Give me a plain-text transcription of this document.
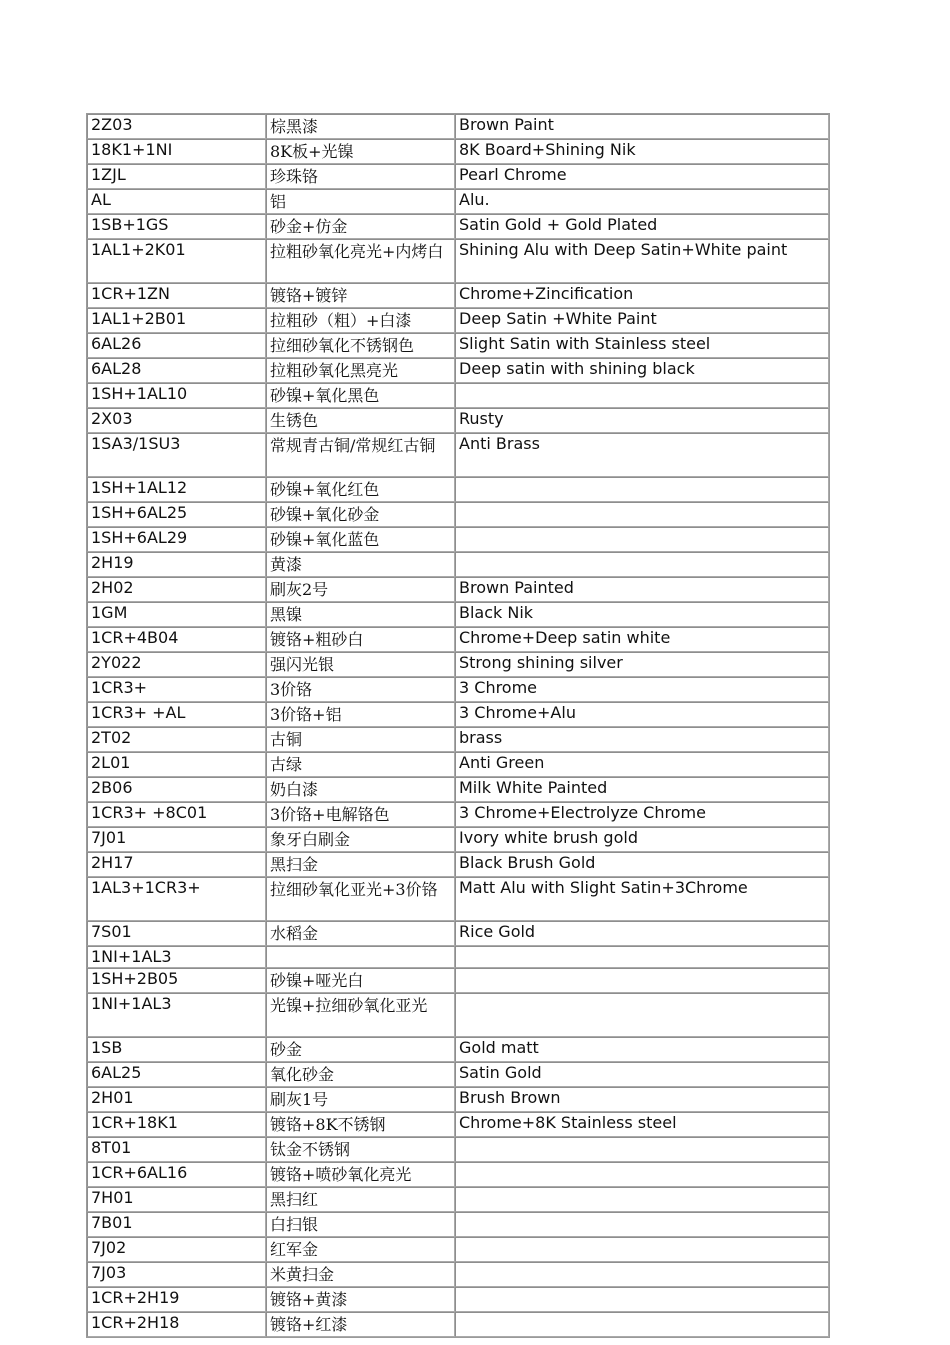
2Z03	棕黑漆	Brown Paint
18K1+1NI	8K板+光镍	8K Board+Shining Nik
1ZJL	珍珠铬	Pearl Chrome
AL	铝	Alu.
1SB+1GS	砂金+仿金	Satin Gold + Gold Plated
1AL1+2K01	拉粗砂氧化亮光+内烤白	Shining Alu with Deep Satin+White paint
1CR+1ZN	镀铬+镀锌	Chrome+Zincification
1AL1+2B01	拉粗砂（粗）+白漆	Deep Satin +White Paint
6AL26	拉细砂氧化不锈钢色	Slight Satin with Stainless steel
6AL28	拉粗砂氧化黑亮光	Deep satin with shining black
1SH+1AL10	砂镍+氧化黑色	
2X03	生锈色	Rusty
1SA3/1SU3	常规青古铜/常规红古铜	Anti Brass
1SH+1AL12	砂镍+氧化红色	
1SH+6AL25	砂镍+氧化砂金	
1SH+6AL29	砂镍+氧化蓝色	
2H19	黄漆	
2H02	刷灰2号	Brown Painted
1GM	黑镍	Black Nik
1CR+4B04	镀铬+粗砂白	Chrome+Deep satin white
2Y022	强闪光银	Strong shining silver
1CR3+	3价铬	3 Chrome
1CR3+ +AL	3价铬+铝	3 Chrome+Alu
2T02	古铜	brass
2L01	古绿	Anti Green
2B06	奶白漆	Milk White Painted
1CR3+ +8C01	3价铬+电解铬色	3 Chrome+Electrolyze Chrome
7J01	象牙白刷金	Ivory white brush gold
2H17	黑扫金	Black Brush Gold
1AL3+1CR3+	拉细砂氧化亚光+3价铬	Matt Alu with Slight Satin+3Chrome
7S01	水稻金	Rice Gold
1NI+1AL3		
1SH+2B05	砂镍+哑光白	
1NI+1AL3	光镍+拉细砂氧化亚光	
1SB	砂金	Gold matt
6AL25	氧化砂金	Satin Gold
2H01	刷灰1号	Brush Brown
1CR+18K1	镀铬+8K不锈钢	Chrome+8K Stainless steel
8T01	钛金不锈钢	
1CR+6AL16	镀铬+喷砂氧化亮光	
7H01	黑扫红	
7B01	白扫银	
7J02	红军金	
7J03	米黄扫金	
1CR+2H19	镀铬+黄漆	
1CR+2H18	镀铬+红漆	
